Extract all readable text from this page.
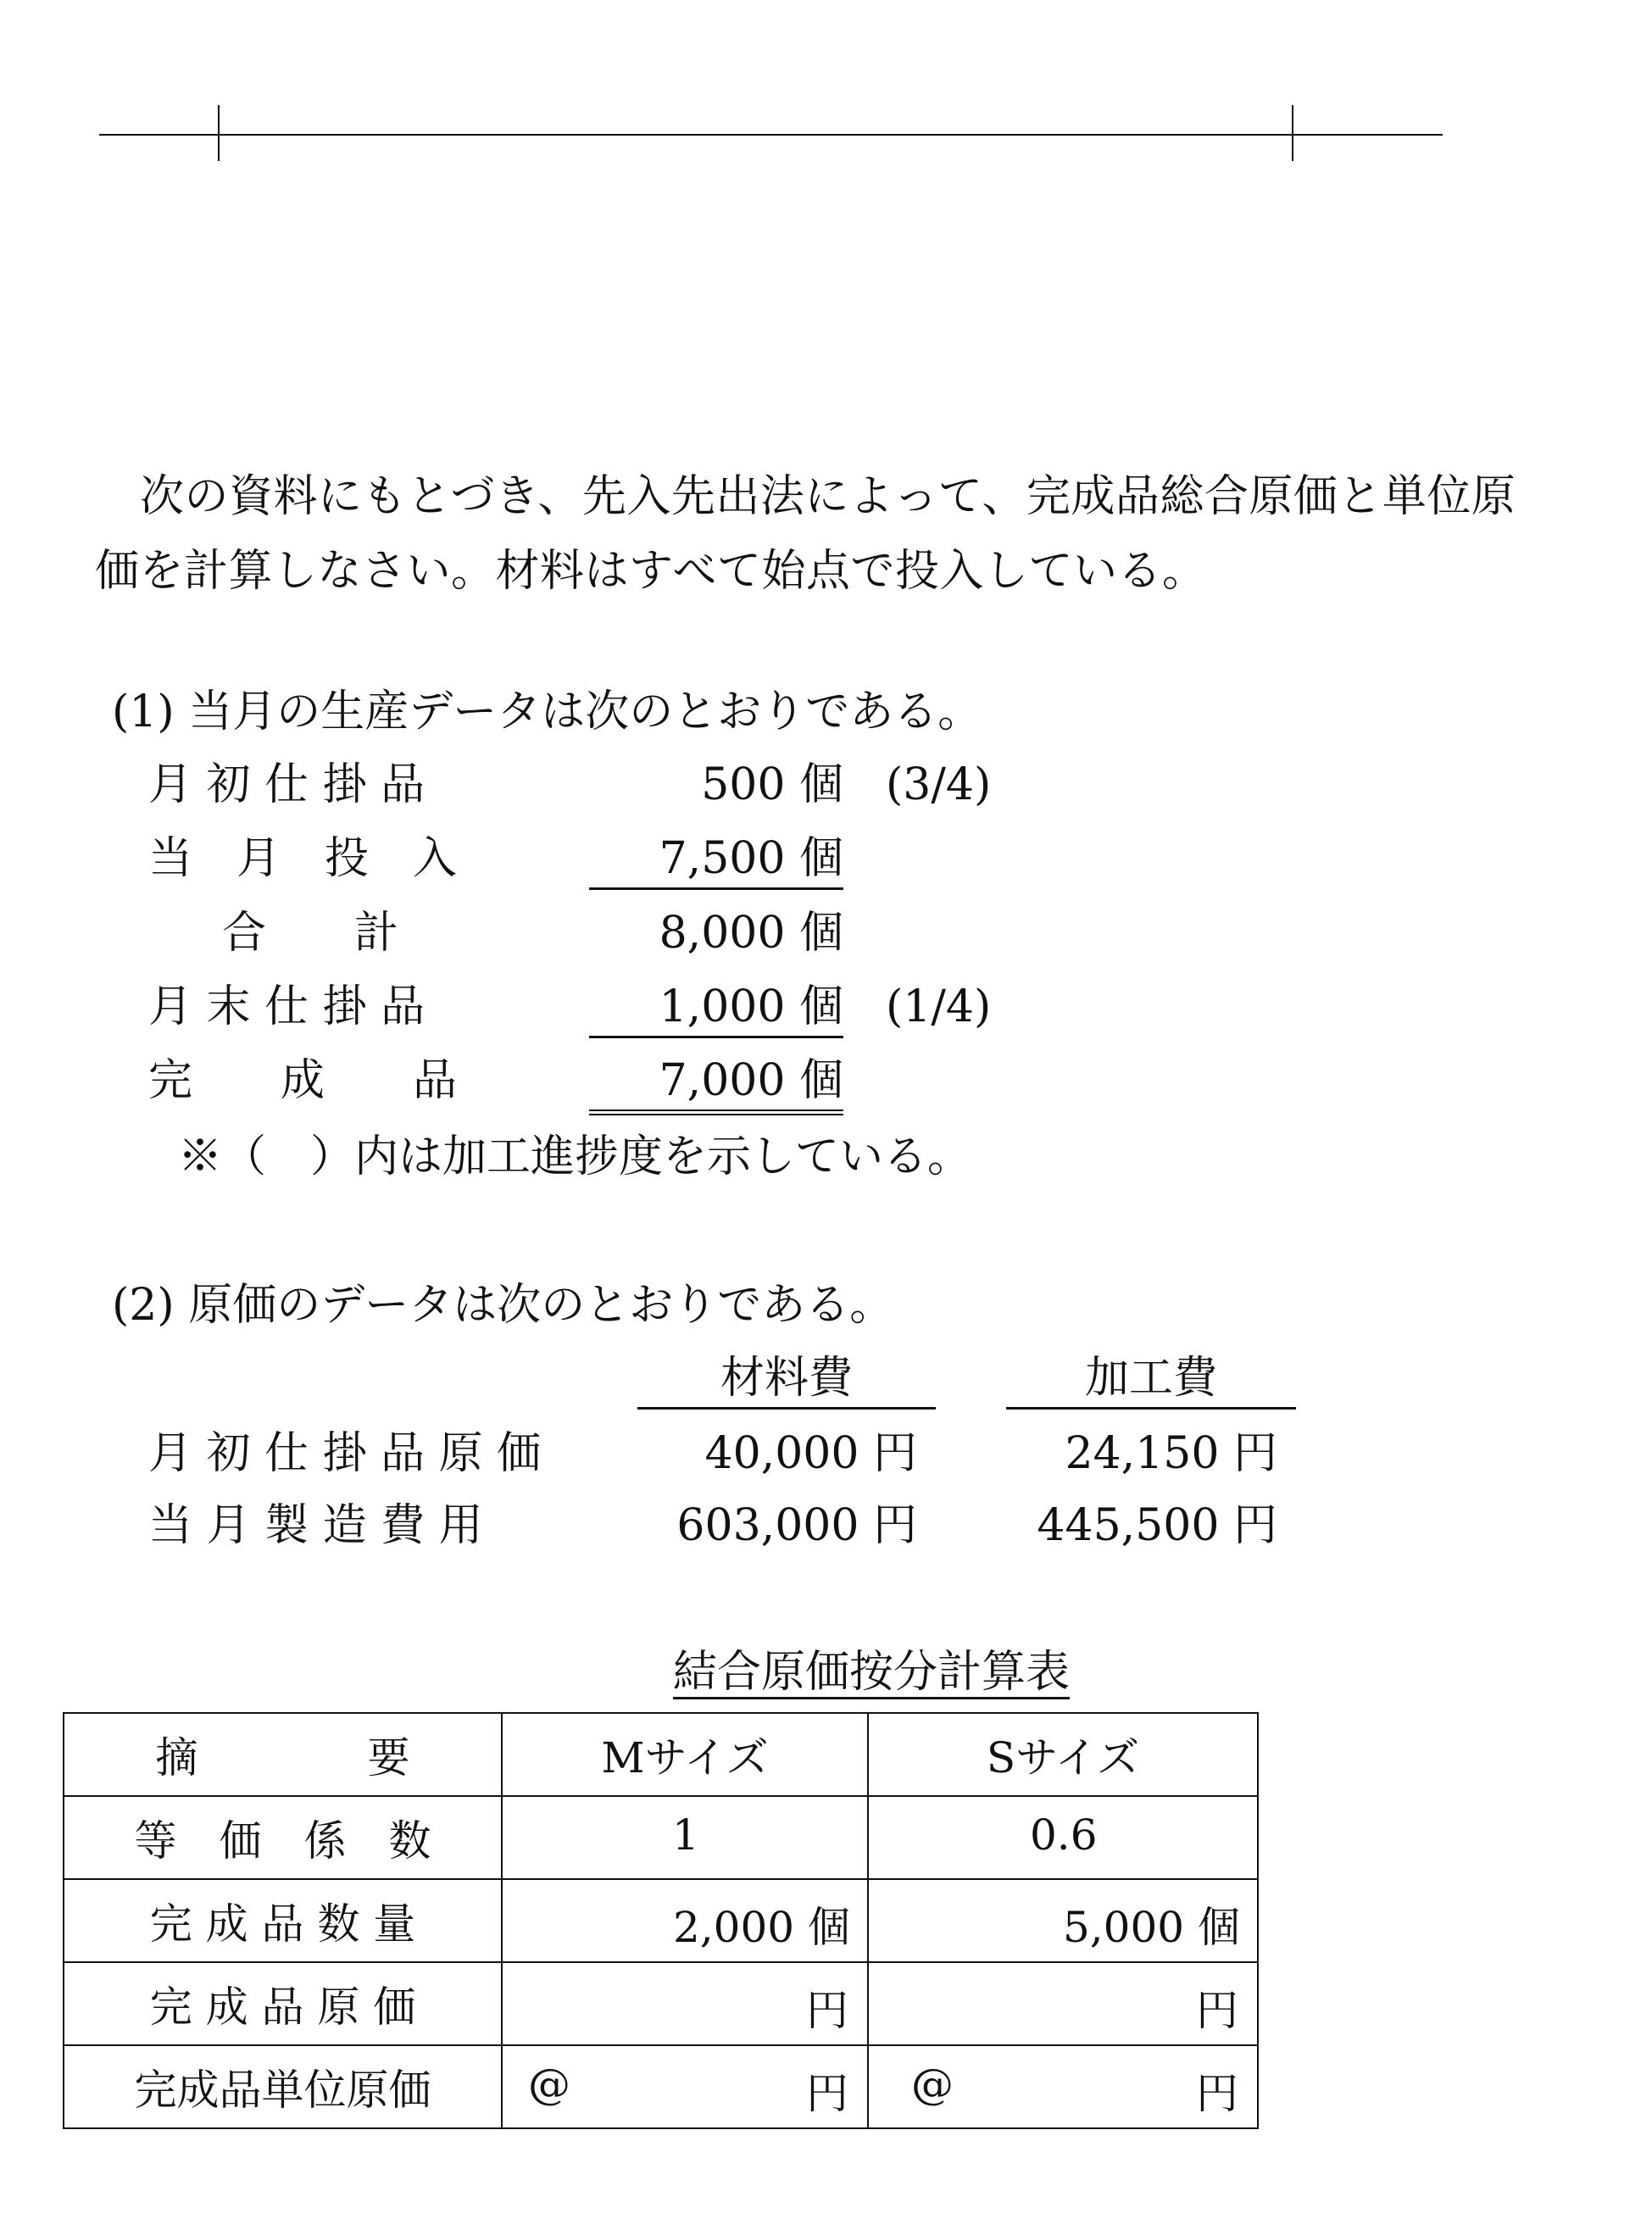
次の資料にもとづき、先入先出法によって、完成品総合原価と単位原
価を計算しなさい。材料はすべて始点で投入している。
(1) 当月の生産データは次のとおりである。
月 初 仕 掛 品	500 個 (3/4)
当　月　投　入	7,500 個
合　　計	8,000 個
月 末 仕 掛 品	1,000 個 (1/4)
完　　成　　品	7,000 個
※（　）内は加工進捗度を示している。
(2) 原価のデータは次のとおりである。
材料費	加工費
月 初 仕 掛 品 原 価	40,000 円	24,150 円
当 月 製 造 費 用	603,000 円	445,500 円
結合原価按分計算表
摘　　　　要	Mサイズ	Sサイズ
等　価　係　数	1	0.6

完 成 品 数 量	2,000 個	5,000 個

完 成 品 原 価	円	円

完成品単位原価	@ 円	@ 円
